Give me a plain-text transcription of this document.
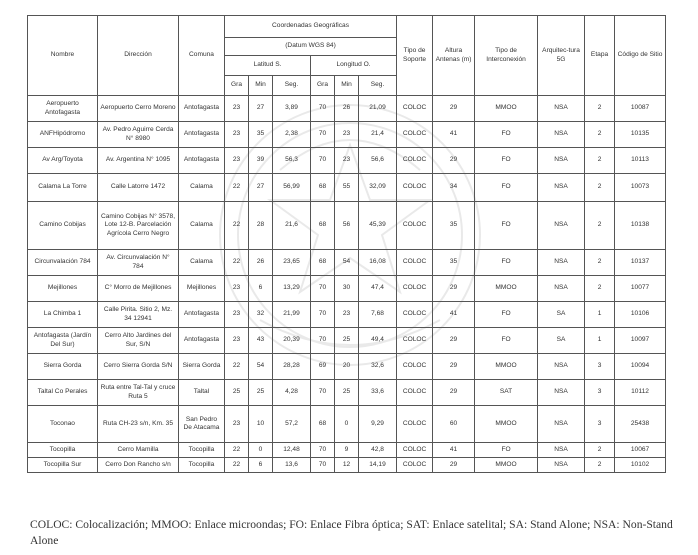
Nombre	Dirección	Comuna	Coordenadas Geográficas						Tipo de Soporte	Altura Antenas (m)	Tipo de Interconexión	Arquitec-tura 5G	Etapa	Código de Sitio
			(Datum WGS 84)											
			Latitud S.			Longitud O.								
			Gra	Min	Seg.	Gra	Min	Seg.						
Aeropuerto Antofagasta	Aeropuerto Cerro Moreno	Antofagasta	23	27	3,89	70	26	21,09	COLOC	29	MMOO	NSA	2	10087
ANFHipódromo	Av. Pedro Aguirre Cerda N° 8980	Antofagasta	23	35	2,38	70	23	21,4	COLOC	41	FO	NSA	2	10135
Av Arg/Toyota	Av. Argentina N° 1095	Antofagasta	23	39	56,3	70	23	56,6	COLOC	29	FO	NSA	2	10113
Calama La Torre	Calle Latorre 1472	Calama	22	27	56,99	68	55	32,09	COLOC	34	FO	NSA	2	10073
Camino Cobijas	Camino Cobijas N° 3578, Lote 12-B. Parcelación Agrícola Cerro Negro	Calama	22	28	21,6	68	56	45,39	COLOC	35	FO	NSA	2	10138
Circunvalación 784	Av. Circunvalación N° 784	Calama	22	26	23,65	68	54	16,08	COLOC	35	FO	NSA	2	10137
Mejillones	C° Morro de Mejillones	Mejillones	23	6	13,29	70	30	47,4	COLOC	29	MMOO	NSA	2	10077
La Chimba 1	Calle Pirita. Sitio 2, Mz. 34 12941	Antofagasta	23	32	21,99	70	23	7,68	COLOC	41	FO	SA	1	10106
Antofagasta (Jardín Del Sur)	Cerro Alto Jardines del Sur, S/N	Antofagasta	23	43	20,39	70	25	49,4	COLOC	29	FO	SA	1	10097
Sierra Gorda	Cerro Sierra Gorda S/N	Sierra Gorda	22	54	28,28	69	20	32,6	COLOC	29	MMOO	NSA	3	10094
Taltal Co Perales	Ruta entre Tal-Tal y cruce Ruta 5	Taltal	25	25	4,28	70	25	33,6	COLOC	29	SAT	NSA	3	10112
Toconao	Ruta CH-23 s/n, Km. 35	San Pedro De Atacama	23	10	57,2	68	0	9,29	COLOC	60	MMOO	NSA	3	25438
Tocopilla	Cerro Mamilla	Tocopilla	22	0	12,48	70	9	42,8	COLOC	41	FO	NSA	2	10067
Tocopilla Sur	Cerro Don Rancho s/n	Tocopilla	22	6	13,6	70	12	14,19	COLOC	29	MMOO	NSA	2	10102
COLOC: Colocalización; MMOO: Enlace microondas; FO: Enlace Fibra óptica; SAT: Enlace satelital; SA: Stand Alone; NSA: Non-Stand Alone
